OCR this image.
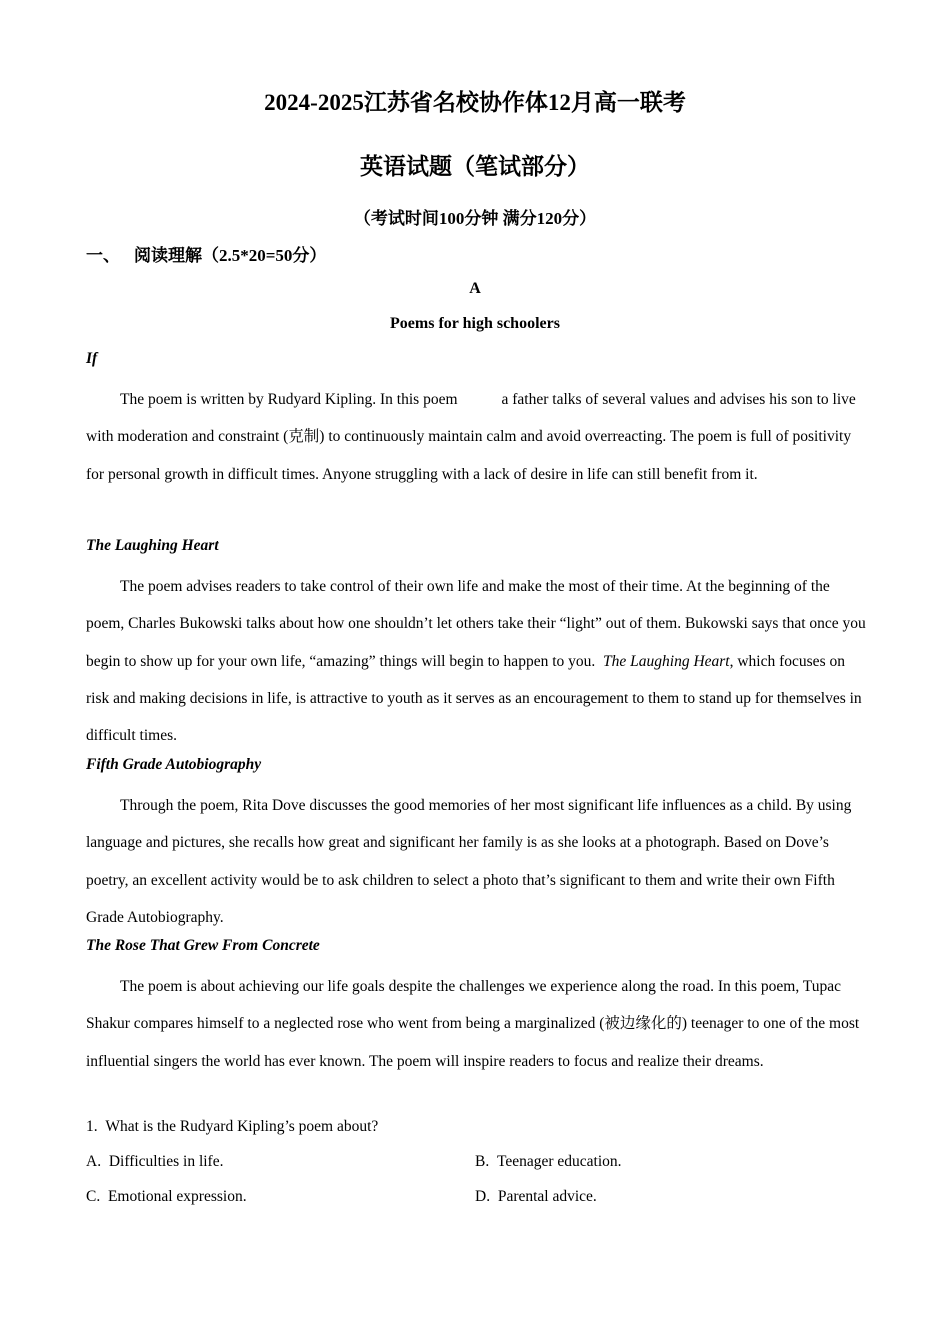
2024-2025江苏省名校协作体12月高一联考
英语试题（笔试部分）
（考试时间100分钟 满分120分）
一、 阅读理解（2.5*20=50分）
A
Poems for high schoolers
If
The poem is written by Rudyard Kipling. In this poem	a father talks of several values and advises his son to live with moderation and constraint (克制) to continuously maintain calm and avoid overreacting. The poem is full of positivity for personal growth in difficult times. Anyone struggling with a lack of desire in life can still benefit from it.
The Laughing Heart
The poem advises readers to take control of their own life and make the most of their time. At the beginning of the poem, Charles Bukowski talks about how one shouldn’t let others take their “light” out of them. Bukowski says that once you begin to show up for your own life, “amazing” things will begin to happen to you. The Laughing Heart, which focuses on risk and making decisions in life, is attractive to youth as it serves as an encouragement to them to stand up for themselves in difficult times.
Fifth Grade Autobiography
Through the poem, Rita Dove discusses the good memories of her most significant life influences as a child. By using language and pictures, she recalls how great and significant her family is as she looks at a photograph. Based on Dove’s poetry, an excellent activity would be to ask children to select a photo that’s significant to them and write their own Fifth Grade Autobiography.
The Rose That Grew From Concrete
The poem is about achieving our life goals despite the challenges we experience along the road. In this poem, Tupac Shakur compares himself to a neglected rose who went from being a marginalized (被边缘化的) teenager to one of the most influential singers the world has ever known. The poem will inspire readers to focus and realize their dreams.
1. What is the Rudyard Kipling’s poem about?
A. Difficulties in life.	B. Teenager education.
C. Emotional expression.	D. Parental advice.
